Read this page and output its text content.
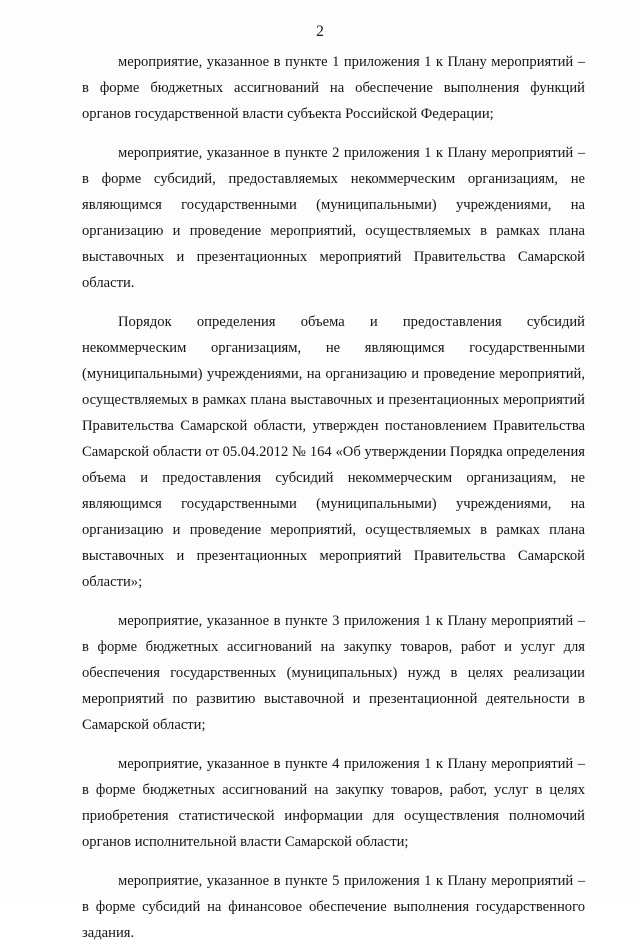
2

мероприятие, указанное в пункте 1 приложения 1 к Плану мероприятий – в форме бюджетных ассигнований на обеспечение выполнения функций органов государственной власти субъекта Российской Федерации;

мероприятие, указанное в пункте 2 приложения 1 к Плану мероприятий – в форме субсидий, предоставляемых некоммерческим организациям, не являющимся государственными (муниципальными) учреждениями, на организацию и проведение мероприятий, осуществляемых в рамках плана выставочных и презентационных мероприятий Правительства Самарской области.

Порядок определения объема и предоставления субсидий некоммерческим организациям, не являющимся государственными (муниципальными) учреждениями, на организацию и проведение мероприятий, осуществляемых в рамках плана выставочных и презентационных мероприятий Правительства Самарской области, утвержден постановлением Правительства Самарской области от 05.04.2012 № 164 «Об утверждении Порядка определения объема и предоставления субсидий некоммерческим организациям, не являющимся государственными (муниципальными) учреждениями, на организацию и проведение мероприятий, осуществляемых в рамках плана выставочных и презентационных мероприятий Правительства Самарской области»;

мероприятие, указанное в пункте 3 приложения 1 к Плану мероприятий – в форме бюджетных ассигнований на закупку товаров, работ и услуг для обеспечения государственных (муниципальных) нужд в целях реализации мероприятий по развитию выставочной и презентационной деятельности в Самарской области;

мероприятие, указанное в пункте 4 приложения 1 к Плану мероприятий – в форме бюджетных ассигнований на закупку товаров, работ, услуг в целях приобретения статистической информации для осуществления полномочий органов исполнительной власти Самарской области;

мероприятие, указанное в пункте 5 приложения 1 к Плану мероприятий – в форме субсидий на финансовое обеспечение выполнения государственного задания.
